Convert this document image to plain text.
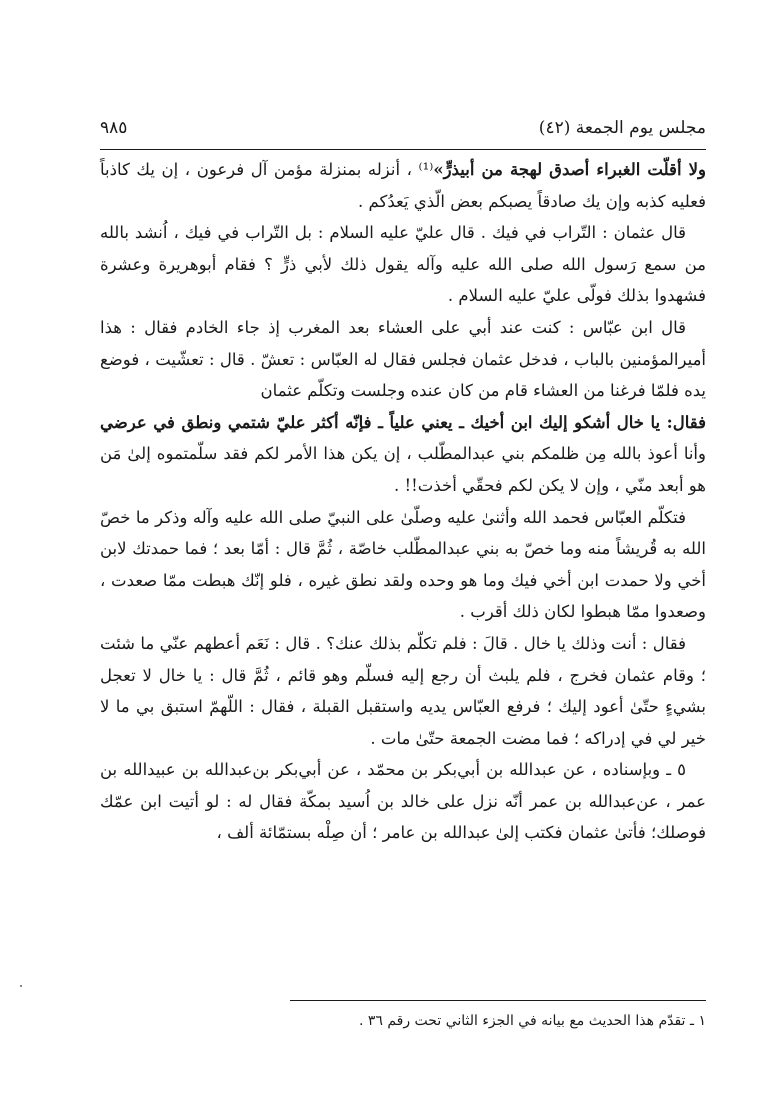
مجلس يوم الجمعة (٤٢)
٩٨٥

ولا أقلّت الغبراء أصدق لهجة من أبيذرٍّ»⁽¹⁾ ، أنزله بمنزلة مؤمن آل فرعون ، إن يك كاذباً فعليه كذبه وإن يك صادقاً يصبكم بعض الّذي يَعدُكم .

قال عثمان : التّراب في فيك . قال عليّ عليه السلام : بل التّراب في فيك ، اُنشد بالله من سمع رَسول الله صلى الله عليه وآله يقول ذلك لأبي ذرٍّ ؟ فقام أبوهريرة وعشرة فشهدوا بذلك فولّى عليّ عليه السلام .

قال ابن عبّاس : كنت عند أبي على العشاء بعد المغرب إذ جاء الخادم فقال : هذا أميرالمؤمنين بالباب ، فدخل عثمان فجلس فقال له العبّاس : تعشّ . قال : تعشّيت ، فوضع يده فلمّا فرغنا من العشاء قام من كان عنده وجلست وتكلّم عثمان

فقال: يا خال أشكو إليك ابن أخيك ـ يعني علياً ـ فإنّه أكثر عليّ شتمي ونطق في عرضي وأنا أعوذ بالله مِن ظلمكم بني عبدالمطّلب ، إن يكن هذا الأمر لكم فقد سلّمتموه إلىٰ مَن هو أبعد منّي ، وإن لا يكن لكم فحقّي أخذت!! .

فتكلّم العبّاس فحمد الله وأثنىٰ عليه وصلّىٰ على النبيّ صلى الله عليه وآله وذكر ما خصّ الله به قُريشاً منه وما خصّ به بني عبدالمطّلب خاصّة ، ثُمَّ قال : أمّا بعد ؛ فما حمدتك لابن أخي ولا حمدت ابن أخي فيك وما هو وحده ولقد نطق غيره ، فلو إنّك هبطت ممّا صعدت ، وصعدوا ممّا هبطوا لكان ذلك أقرب .

فقال : أنت وذلك يا خال . قالَ : فلم تكلّم بذلك عنك؟ . قال : نَعَم أعطهم عنّي ما شئت ؛ وقام عثمان فخرج ، فلم يلبث أن رجع إليه فسلّم وهو قائم ، ثُمَّ قال : يا خال لا تعجل بشيءٍ حتّىٰ أعود إليك ؛ فرفع العبّاس يديه واستقبل القبلة ، فقال : اللّهمّ استبق بي ما لا خير لي في إدراكه ؛ فما مضت الجمعة حتّىٰ مات .

٥ ـ وبإسناده ، عن عبدالله بن أبي‌بكر بن محمّد ، عن أبي‌بكر بن‌عبدالله بن‌ عبيدالله بن عمر ، عن‌عبدالله بن عمر أنّه نزل على خالد بن اُسيد بمكّة فقال له : لو أتيت ابن عمّك فوصلك؛ فأتىٰ عثمان فكتب إلىٰ عبدالله بن عامر ؛ أن صِلْه بستمّائة ألف ،

١ ـ تقدّم هذا الحديث مع بيانه في الجزء الثاني تحت رقم ٣٦ .
